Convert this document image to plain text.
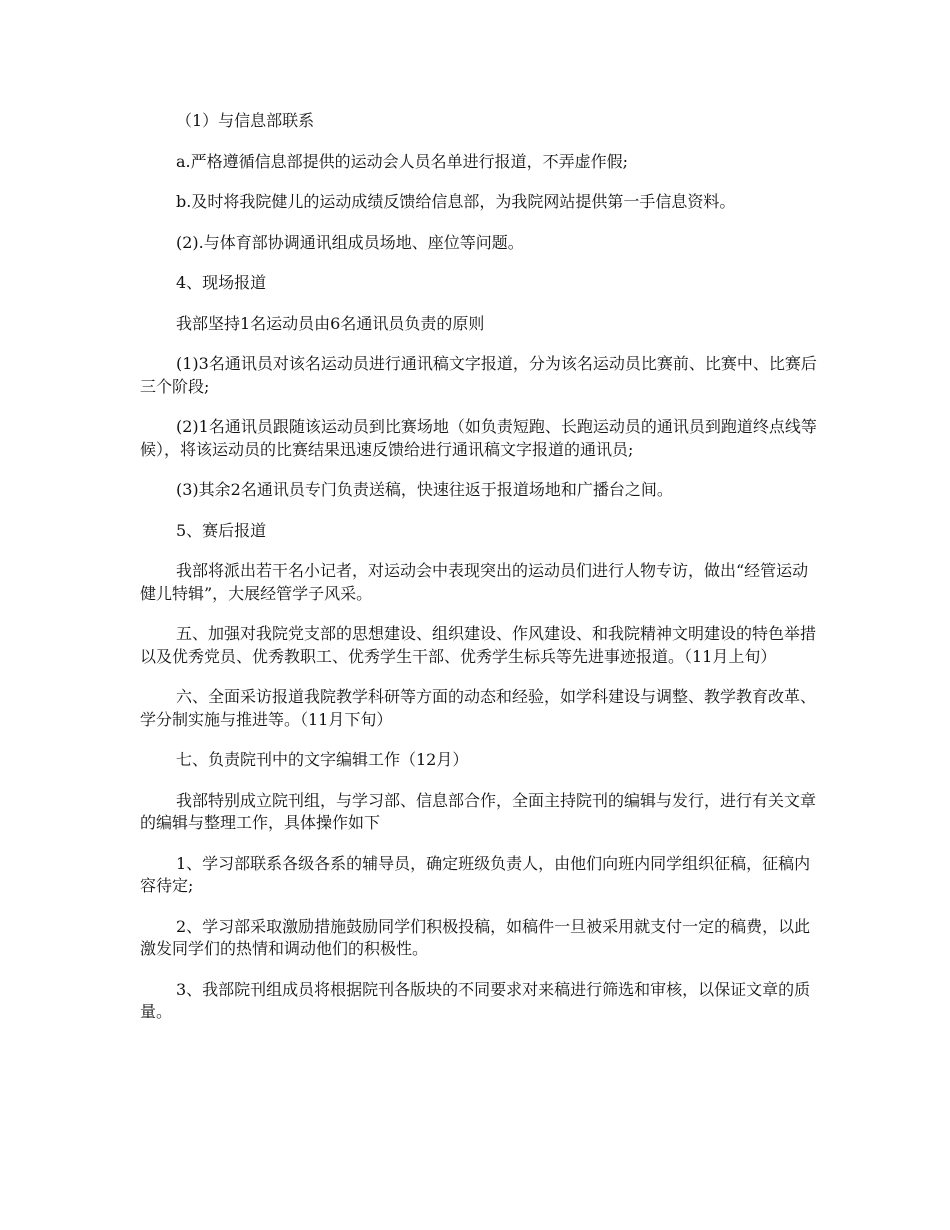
（1）与信息部联系

a.严格遵循信息部提供的运动会人员名单进行报道，不弄虚作假;

b.及时将我院健儿的运动成绩反馈给信息部，为我院网站提供第一手信息资料。

(2).与体育部协调通讯组成员场地、座位等问题。

4、现场报道

我部坚持1名运动员由6名通讯员负责的原则

(1)3名通讯员对该名运动员进行通讯稿文字报道，分为该名运动员比赛前、比赛中、比赛后三个阶段;

(2)1名通讯员跟随该运动员到比赛场地（如负责短跑、长跑运动员的通讯员到跑道终点线等候），将该运动员的比赛结果迅速反馈给进行通讯稿文字报道的通讯员;

(3)其余2名通讯员专门负责送稿，快速往返于报道场地和广播台之间。

5、赛后报道

我部将派出若干名小记者，对运动会中表现突出的运动员们进行人物专访，做出“经管运动健儿特辑”，大展经管学子风采。

五、加强对我院党支部的思想建设、组织建设、作风建设、和我院精神文明建设的特色举措以及优秀党员、优秀教职工、优秀学生干部、优秀学生标兵等先进事迹报道。（11月上旬）

六、全面采访报道我院教学科研等方面的动态和经验，如学科建设与调整、教学教育改革、学分制实施与推进等。（11月下旬）

七、负责院刊中的文字编辑工作（12月）

我部特别成立院刊组，与学习部、信息部合作，全面主持院刊的编辑与发行，进行有关文章的编辑与整理工作，具体操作如下

1、学习部联系各级各系的辅导员，确定班级负责人，由他们向班内同学组织征稿，征稿内容待定;

2、学习部采取激励措施鼓励同学们积极投稿，如稿件一旦被采用就支付一定的稿费，以此激发同学们的热情和调动他们的积极性。

3、我部院刊组成员将根据院刊各版块的不同要求对来稿进行筛选和审核，以保证文章的质量。
